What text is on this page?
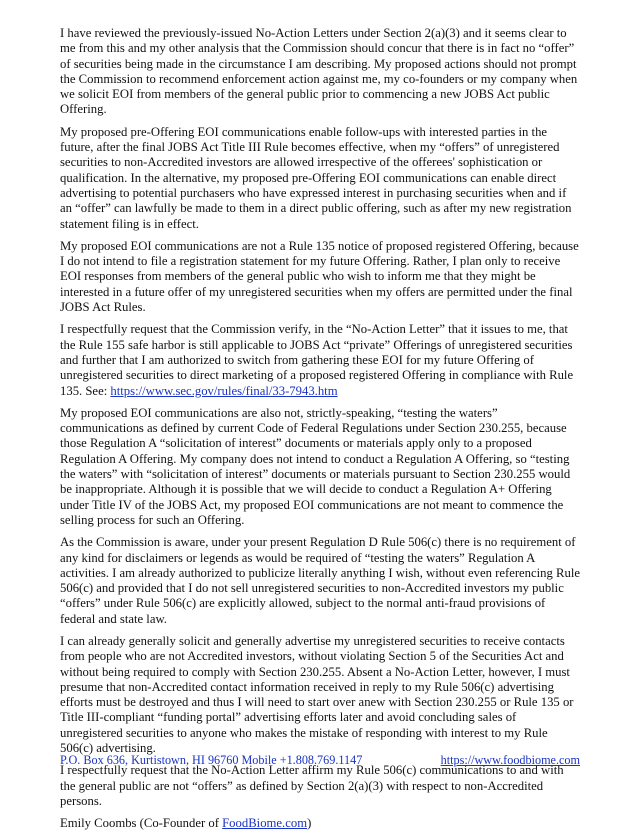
I have reviewed the previously-issued No-Action Letters under Section 2(a)(3) and it seems clear to me from this and my other analysis that the Commission should concur that there is in fact no “offer” of securities being made in the circumstance I am describing. My proposed actions should not prompt the Commission to recommend enforcement action against me, my co-founders or my company when we solicit EOI from members of the general public prior to commencing a new JOBS Act public Offering.

My proposed pre-Offering EOI communications enable follow-ups with interested parties in the future, after the final JOBS Act Title III Rule becomes effective, when my “offers” of unregistered securities to non-Accredited investors are allowed irrespective of the offerees' sophistication or qualification. In the alternative, my proposed pre-Offering EOI communications can enable direct advertising to potential purchasers who have expressed interest in purchasing securities when and if an “offer” can lawfully be made to them in a direct public offering, such as after my new registration statement filing is in effect.

My proposed EOI communications are not a Rule 135 notice of proposed registered Offering, because I do not intend to file a registration statement for my future Offering. Rather, I plan only to receive EOI responses from members of the general public who wish to inform me that they might be interested in a future offer of my unregistered securities when my offers are permitted under the final JOBS Act Rules.

I respectfully request that the Commission verify, in the “No-Action Letter” that it issues to me, that the Rule 155 safe harbor is still applicable to JOBS Act “private” Offerings of unregistered securities and further that I am authorized to switch from gathering these EOI for my future Offering of unregistered securities to direct marketing of a proposed registered Offering in compliance with Rule 135. See: https://www.sec.gov/rules/final/33-7943.htm

My proposed EOI communications are also not, strictly-speaking, “testing the waters” communications as defined by current Code of Federal Regulations under Section 230.255, because those Regulation A “solicitation of interest” documents or materials apply only to a proposed Regulation A Offering. My company does not intend to conduct a Regulation A Offering, so “testing the waters” with “solicitation of interest” documents or materials pursuant to Section 230.255 would be inappropriate. Although it is possible that we will decide to conduct a Regulation A+ Offering under Title IV of the JOBS Act, my proposed EOI communications are not meant to commence the selling process for such an Offering.

As the Commission is aware, under your present Regulation D Rule 506(c) there is no requirement of any kind for disclaimers or legends as would be required of “testing the waters” Regulation A activities. I am already authorized to publicize literally anything I wish, without even referencing Rule 506(c) and provided that I do not sell unregistered securities to non-Accredited investors my public “offers” under Rule 506(c) are explicitly allowed, subject to the normal anti-fraud provisions of federal and state law.

I can already generally solicit and generally advertise my unregistered securities to receive contacts from people who are not Accredited investors, without violating Section 5 of the Securities Act and without being required to comply with Section 230.255. Absent a No-Action Letter, however, I must presume that non-Accredited contact information received in reply to my Rule 506(c) advertising efforts must be destroyed and thus I will need to start over anew with Section 230.255 or Rule 135 or Title III-compliant “funding portal” advertising efforts later and avoid concluding sales of unregistered securities to anyone who makes the mistake of responding with interest to my Rule 506(c) advertising.

I respectfully request that the No-Action Letter affirm my Rule 506(c) communications to and with the general public are not “offers” as defined by Section 2(a)(3) with respect to non-Accredited persons.

Emily Coombs (Co-Founder of FoodBiome.com)

P.O. Box 636, Kurtistown, HI 96760 Mobile +1.808.769.1147	https://www.foodbiome.com
